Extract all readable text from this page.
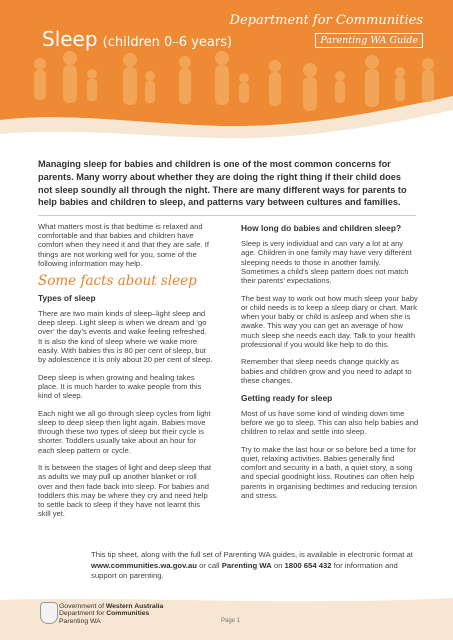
Sleep (children 0–6 years)
Department for Communities
Parenting WA Guide

Managing sleep for babies and children is one of the most common concerns for parents. Many worry about whether they are doing the right thing if their child does not sleep soundly all through the night. There are many different ways for parents to help babies and children to sleep, and patterns vary between cultures and families.

What matters most is that bedtime is relaxed and comfortable and that babies and children have comfort when they need it and that they are safe. If things are not working well for you, some of the following information may help.

Some facts about sleep
Types of sleep

There are two main kinds of sleep–light sleep and deep sleep. Light sleep is when we dream and ‘go over’ the day’s events and wake feeling refreshed. It is also the kind of sleep where we wake more easily. With babies this is 80 per cent of sleep, but by adolescence it is only about 20 per cent of sleep.

Deep sleep is when growing and healing takes place. It is much harder to wake people from this kind of sleep.

Each night we all go through sleep cycles from light sleep to deep sleep then light again. Babies move through these two types of sleep but their cycle is shorter. Toddlers usually take about an hour for each sleep pattern or cycle.

It is between the stages of light and deep sleep that as adults we may pull up another blanket or roll over and then fade back into sleep. For babies and toddlers this may be where they cry and need help to settle back to sleep if they have not learnt this skill yet.

How long do babies and children sleep?

Sleep is very individual and can vary a lot at any age. Children in one family may have very different sleeping needs to those in another family. Sometimes a child’s sleep pattern does not match their parents’ expectations.

The best way to work out how much sleep your baby or child needs is to keep a sleep diary or chart. Mark when your baby or child is asleep and when she is awake. This way you can get an average of how much sleep she needs each day. Talk to your health professional if you would like help to do this.

Remember that sleep needs change quickly as babies and children grow and you need to adapt to these changes.

Getting ready for sleep

Most of us have some kind of winding down time before we go to sleep. This can also help babies and children to relax and settle into sleep.

Try to make the last hour or so before bed a time for quiet, relaxing activities. Babies generally find comfort and security in a bath, a quiet story, a song and special goodnight kiss. Routines can often help parents in organising bedtimes and reducing tension and stress.

This tip sheet, along with the full set of Parenting WA guides, is available in electronic format at www.communities.wa.gov.au or call Parenting WA on 1800 654 432 for information and support on parenting.

Government of Western Australia
Department for Communities
Parenting WA	Page 1
